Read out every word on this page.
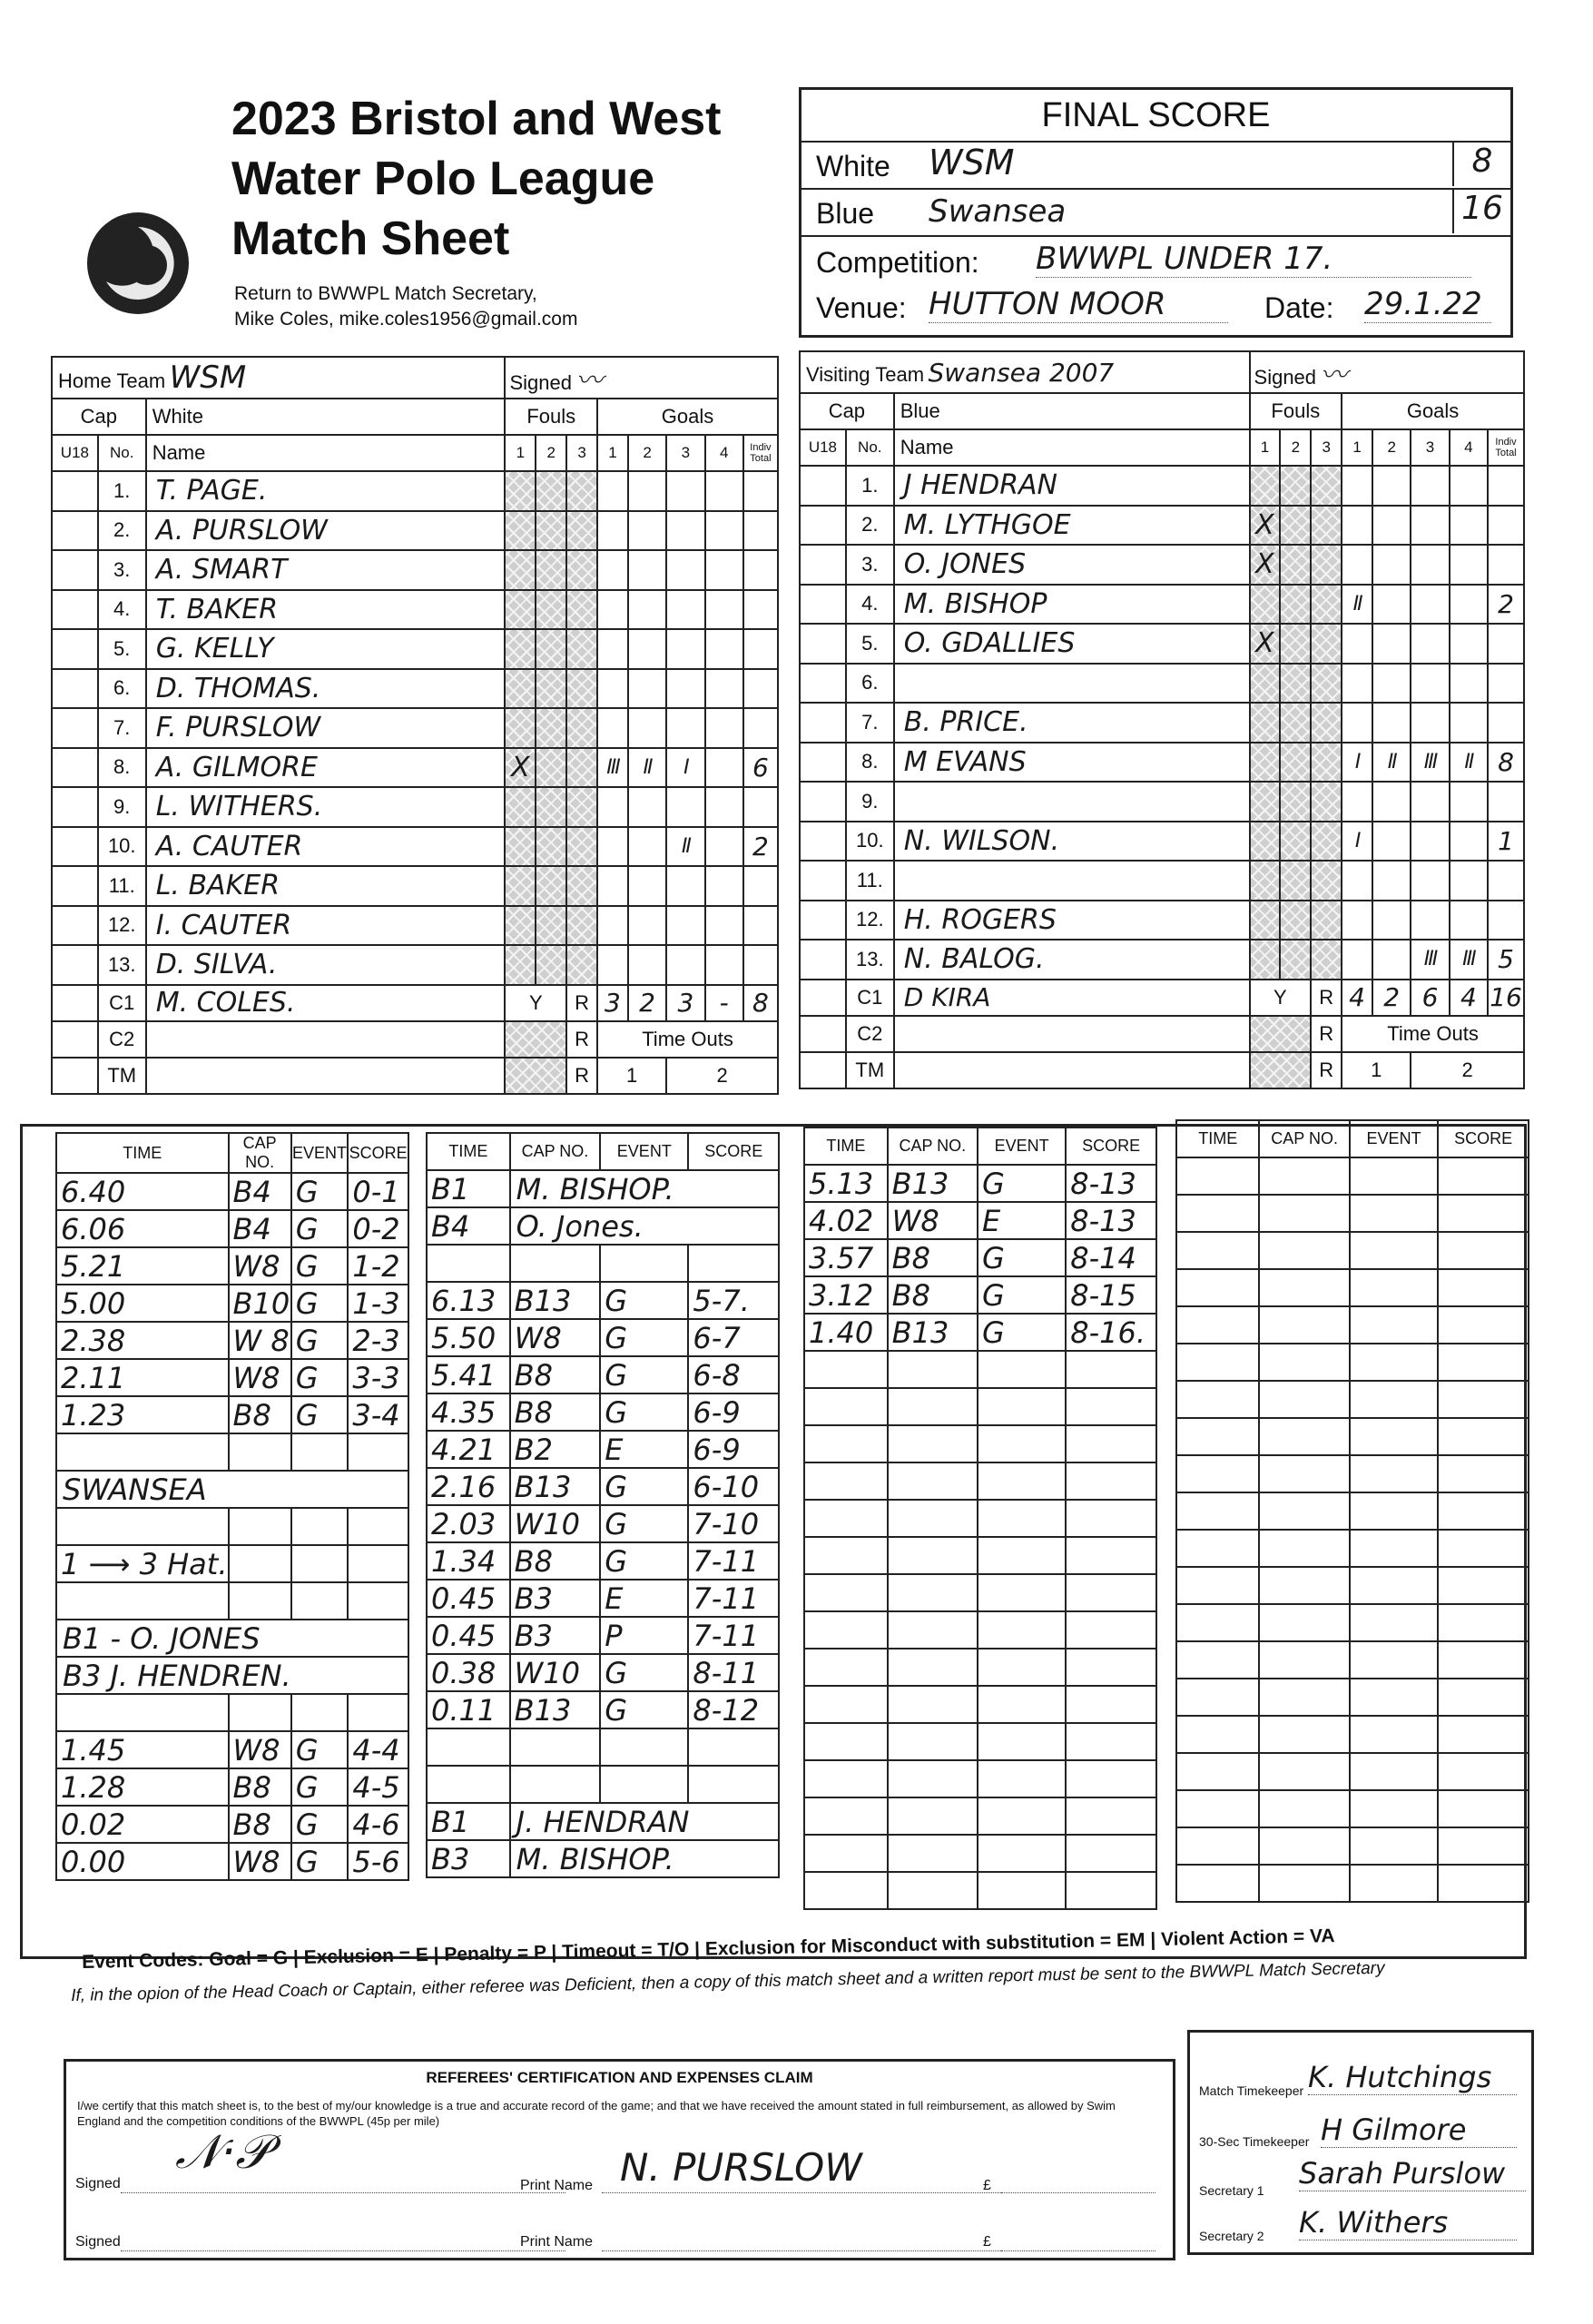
2023 Bristol and West
Water Polo League
Match Sheet
Return to BWWPL Match Secretary,
Mike Coles, mike.coles1956@gmail.com
FINAL SCORE
White WSM	8
Blue Swansea	16
Competition: BWWPL UNDER 17.
Venue: HUTTON MOOR	Date: 29.1.22
Home Team WSM			Signed 〰							
Cap		White	Fouls			Goals				
U18	No.	Name	1	2	3	1	2	3	4	Indiv Total
	1.	T. PAGE.								
	2.	A. PURSLOW								
	3.	A. SMART								
	4.	T. BAKER								
	5.	G. KELLY								
	6.	D. THOMAS.								
	7.	F. PURSLOW								
	8.	A. GILMORE	X			III	II	I		6
	9.	L. WITHERS.								
	10.	A. CAUTER						II		2
	11.	L. BAKER								
	12.	I. CAUTER								
	13.	D. SILVA.								
	C1	M. COLES.	Y		R	3	2	3	-	8
	C2				R	Time Outs				
	TM				R	1		2		
Visiting Team Swansea 2007			Signed 〰							
Cap		Blue	Fouls			Goals				
U18	No.	Name	1	2	3	1	2	3	4	Indiv Total
	1.	J HENDRAN								
	2.	M. LYTHGOE	X							
	3.	O. JONES	X							
	4.	M. BISHOP				II				2
	5.	O. GDALLIES	X							
	6.									
	7.	B. PRICE.								
	8.	M EVANS				I	II	III	II	8
	9.									
	10.	N. WILSON.				I				1
	11.									
	12.	H. ROGERS								
	13.	N. BALOG.						III	III	5
	C1	D KIRA	Y		R	4	2	6	4	16
	C2				R	Time Outs				
	TM				R	1		2		
TIME	CAP NO.	EVENT	SCORE
6.40	B4	G	0-1
6.06	B4	G	0-2
5.21	W8	G	1-2
5.00	B10	G	1-3
2.38	W 8	G	2-3
2.11	W8	G	3-3
1.23	B8	G	3-4

SWANSEA			

1 ⟶ 3 Hat.			

B1 - O. JONES			
B3 J. HENDREN.			

1.45	W8	G	4-4
1.28	B8	G	4-5
0.02	B8	G	4-6
0.00	W8	G	5-6
TIME	CAP NO.	EVENT	SCORE
B1	M. BISHOP.		
B4	O. Jones.		

6.13	B13	G	5-7.
5.50	W8	G	6-7
5.41	B8	G	6-8
4.35	B8	G	6-9
4.21	B2	E	6-9
2.16	B13	G	6-10
2.03	W10	G	7-10
1.34	B8	G	7-11
0.45	B3	E	7-11
0.45	B3	P	7-11
0.38	W10	G	8-11
0.11	B13	G	8-12

B1	J. HENDRAN		
B3	M. BISHOP.		
TIME	CAP NO.	EVENT	SCORE
5.13	B13	G	8-13
4.02	W8	E	8-13
3.57	B8	G	8-14
3.12	B8	G	8-15
1.40	B13	G	8-16.

TIME	CAP NO.	EVENT	SCORE

Event Codes: Goal = G | Exclusion = E | Penalty = P | Timeout = T/O | Exclusion for Misconduct with substitution = EM | Violent Action = VA
If, in the opion of the Head Coach or Captain, either referee was Deficient, then a copy of this match sheet and a written report must be sent to the BWWPL Match Secretary
REFEREES' CERTIFICATION AND EXPENSES CLAIM
I/we certify that this match sheet is, to the best of my/our knowledge is a true and accurate record of the game; and that we have received the amount stated in full reimbursement, as allowed by Swim England and the competition conditions of the BWWPL (45p per mile)
Signed
𝒩·𝒫
Print Name N. PURSLOW	£
Signed	Print Name	£
Match Timekeeper K. Hutchings
30-Sec Timekeeper H Gilmore
Secretary 1 Sarah Purslow
Secretary 2 K. Withers
